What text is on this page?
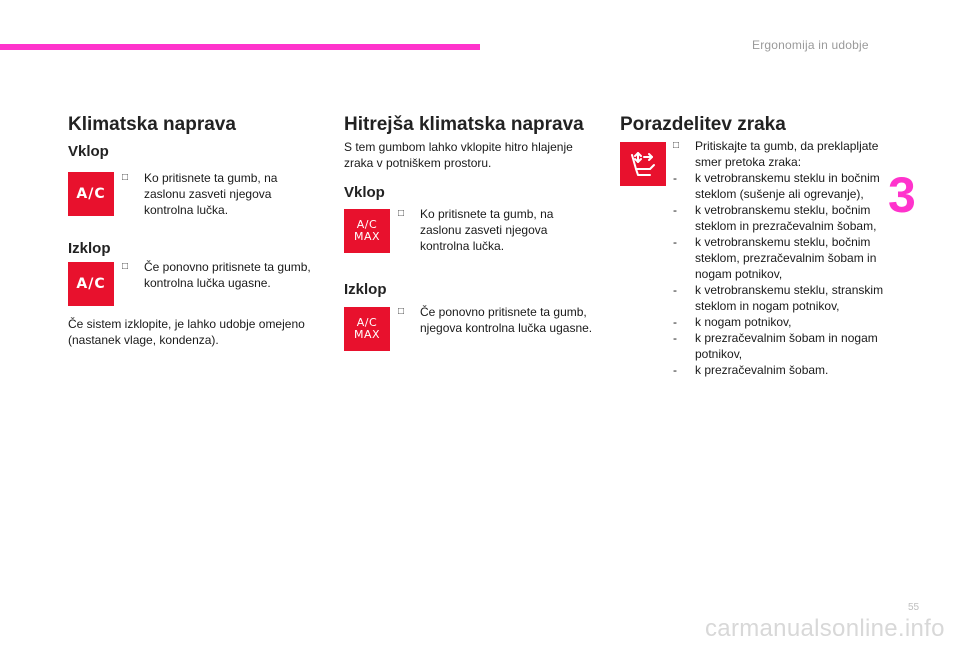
Ergonomija in udobje
3
Klimatska naprava
Vklop
A/C
□	Ko pritisnete ta gumb, na zaslonu zasveti njegova kontrolna lučka.

Izklop
A/C
□	Če ponovno pritisnete ta gumb, kontrolna lučka ugasne.

Če sistem izklopite, je lahko udobje omejeno (nastanek vlage, kondenza).

Hitrejša klimatska naprava

S tem gumbom lahko vklopite hitro hlajenje zraka v potniškem prostoru.

Vklop
A/C
MAX
□	Ko pritisnete ta gumb, na zaslonu zasveti njegova kontrolna lučka.

Izklop
A/C
MAX
□	Če ponovno pritisnete ta gumb, njegova kontrolna lučka ugasne.

Porazdelitev zraka
□	Pritiskajte ta gumb, da preklapljate smer pretoka zraka:

-	k vetrobranskemu steklu in bočnim steklom (sušenje ali ogrevanje),
-	k vetrobranskemu steklu, bočnim steklom in prezračevalnim šobam,
-	k vetrobranskemu steklu, bočnim steklom, prezračevalnim šobam in nogam potnikov,
-	k vetrobranskemu steklu, stranskim steklom in nogam potnikov,
-	k nogam potnikov,
-	k prezračevalnim šobam in nogam potnikov,
-	k prezračevalnim šobam.
55
carmanualsonline.info
